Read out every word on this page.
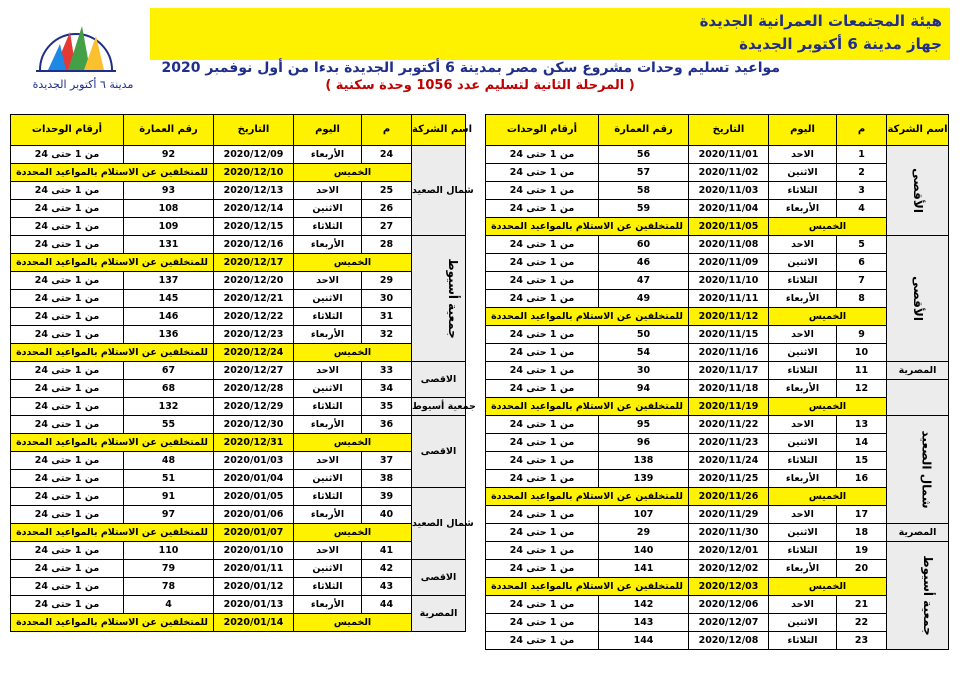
هيئة المجتمعات العمرانية الجديدة
جهاز مدينة 6 أكتوبر الجديدة
مدينة ٦ أكتوبر الجديدة
مواعيد تسليم وحدات مشروع سكن مصر بمدينة 6 أكتوبر الجديدة بدءا من أول نوفمبر 2020
( المرحلة الثانية لتسليم عدد 1056 وحدة سكنية )
أرقام الوحدات	رقم العمارة	التاريخ	اليوم	م	اسم الشركة
من 1 حتى 24	92	2020/12/09	الأربعاء	24	شمال الصعيد
للمتخلفين عن الاستلام بالمواعيد المحددة		2020/12/10	الخميس		
من 1 حتى 24	93	2020/12/13	الاحد	25	
من 1 حتى 24	108	2020/12/14	الاثنين	26	
من 1 حتى 24	109	2020/12/15	الثلاثاء	27	
من 1 حتى 24	131	2020/12/16	الأربعاء	28	جمعية أسيوط
للمتخلفين عن الاستلام بالمواعيد المحددة		2020/12/17	الخميس		
من 1 حتى 24	137	2020/12/20	الاحد	29	
من 1 حتى 24	145	2020/12/21	الاثنين	30	
من 1 حتى 24	146	2020/12/22	الثلاثاء	31	
من 1 حتى 24	136	2020/12/23	الأربعاء	32	
للمتخلفين عن الاستلام بالمواعيد المحددة		2020/12/24	الخميس		
من 1 حتى 24	67	2020/12/27	الاحد	33	الاقصى
من 1 حتى 24	68	2020/12/28	الاثنين	34	
من 1 حتى 24	132	2020/12/29	الثلاثاء	35	جمعية أسيوط
من 1 حتى 24	55	2020/12/30	الأربعاء	36	الاقصى
للمتخلفين عن الاستلام بالمواعيد المحددة		2020/12/31	الخميس		
من 1 حتى 24	48	2020/01/03	الاحد	37	
من 1 حتى 24	51	2020/01/04	الاثنين	38	
من 1 حتى 24	91	2020/01/05	الثلاثاء	39	شمال الصعيد
من 1 حتى 24	97	2020/01/06	الأربعاء	40	
للمتخلفين عن الاستلام بالمواعيد المحددة		2020/01/07	الخميس		
من 1 حتى 24	110	2020/01/10	الاحد	41	
من 1 حتى 24	79	2020/01/11	الاثنين	42	الاقصى
من 1 حتى 24	78	2020/01/12	الثلاثاء	43	
من 1 حتى 24	4	2020/01/13	الأربعاء	44	المصرية
للمتخلفين عن الاستلام بالمواعيد المحددة		2020/01/14	الخميس		
أرقام الوحدات	رقم العمارة	التاريخ	اليوم	م	اسم الشركة
من 1 حتى 24	56	2020/11/01	الاحد	1	الأقصى
من 1 حتى 24	57	2020/11/02	الاثنين	2	
من 1 حتى 24	58	2020/11/03	الثلاثاء	3	
من 1 حتى 24	59	2020/11/04	الأربعاء	4	
للمتخلفين عن الاستلام بالمواعيد المحددة		2020/11/05	الخميس		
من 1 حتى 24	60	2020/11/08	الاحد	5	الأقصى
من 1 حتى 24	46	2020/11/09	الاثنين	6	
من 1 حتى 24	47	2020/11/10	الثلاثاء	7	
من 1 حتى 24	49	2020/11/11	الأربعاء	8	
للمتخلفين عن الاستلام بالمواعيد المحددة		2020/11/12	الخميس		
من 1 حتى 24	50	2020/11/15	الاحد	9	
من 1 حتى 24	54	2020/11/16	الاثنين	10	
من 1 حتى 24	30	2020/11/17	الثلاثاء	11	المصرية
من 1 حتى 24	94	2020/11/18	الأربعاء	12	
للمتخلفين عن الاستلام بالمواعيد المحددة		2020/11/19	الخميس		
من 1 حتى 24	95	2020/11/22	الاحد	13	شمال الصعيد
من 1 حتى 24	96	2020/11/23	الاثنين	14	
من 1 حتى 24	138	2020/11/24	الثلاثاء	15	
من 1 حتى 24	139	2020/11/25	الأربعاء	16	
للمتخلفين عن الاستلام بالمواعيد المحددة		2020/11/26	الخميس		
من 1 حتى 24	107	2020/11/29	الاحد	17	
من 1 حتى 24	29	2020/11/30	الاثنين	18	المصرية
من 1 حتى 24	140	2020/12/01	الثلاثاء	19	جمعية أسيوط
من 1 حتى 24	141	2020/12/02	الأربعاء	20	
للمتخلفين عن الاستلام بالمواعيد المحددة		2020/12/03	الخميس		
من 1 حتى 24	142	2020/12/06	الاحد	21	
من 1 حتى 24	143	2020/12/07	الاثنين	22	
من 1 حتى 24	144	2020/12/08	الثلاثاء	23	
